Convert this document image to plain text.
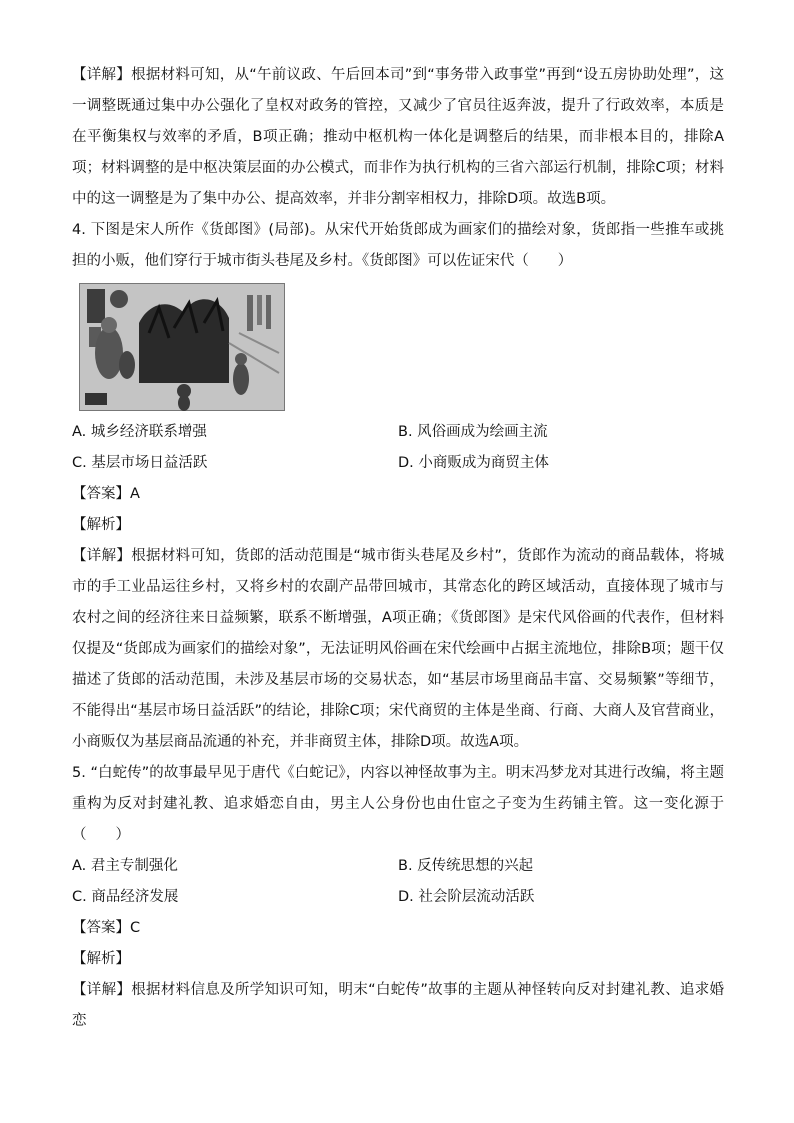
【详解】根据材料可知，从“午前议政、午后回本司”到“事务带入政事堂”再到“设五房协助处理”，这一调整既通过集中办公强化了皇权对政务的管控，又减少了官员往返奔波，提升了行政效率，本质是在平衡集权与效率的矛盾，B项正确；推动中枢机构一体化是调整后的结果，而非根本目的，排除A项；材料调整的是中枢决策层面的办公模式，而非作为执行机构的三省六部运行机制，排除C项；材料中的这一调整是为了集中办公、提高效率，并非分割宰相权力，排除D项。故选B项。

4. 下图是宋人所作《货郎图》(局部)。从宋代开始货郎成为画家们的描绘对象，货郎指一些推车或挑担的小贩，他们穿行于城市街头巷尾及乡村。《货郎图》可以佐证宋代（　　）

A. 城乡经济联系增强	B. 风俗画成为绘画主流
C. 基层市场日益活跃	D. 小商贩成为商贸主体

【答案】A

【解析】

【详解】根据材料可知，货郎的活动范围是“城市街头巷尾及乡村”，货郎作为流动的商品载体，将城市的手工业品运往乡村，又将乡村的农副产品带回城市，其常态化的跨区域活动，直接体现了城市与农村之间的经济往来日益频繁，联系不断增强，A项正确；《货郎图》是宋代风俗画的代表作，但材料仅提及“货郎成为画家们的描绘对象”，无法证明风俗画在宋代绘画中占据主流地位，排除B项；题干仅描述了货郎的活动范围，未涉及基层市场的交易状态，如“基层市场里商品丰富、交易频繁”等细节，不能得出“基层市场日益活跃”的结论，排除C项；宋代商贸的主体是坐商、行商、大商人及官营商业，小商贩仅为基层商品流通的补充，并非商贸主体，排除D项。故选A项。

5. “白蛇传”的故事最早见于唐代《白蛇记》，内容以神怪故事为主。明末冯梦龙对其进行改编，将主题重构为反对封建礼教、追求婚恋自由，男主人公身份也由仕宦之子变为生药铺主管。这一变化源于（　　）

A. 君主专制强化	B. 反传统思想的兴起
C. 商品经济发展	D. 社会阶层流动活跃

【答案】C

【解析】

【详解】根据材料信息及所学知识可知，明末“白蛇传”故事的主题从神怪转向反对封建礼教、追求婚恋
